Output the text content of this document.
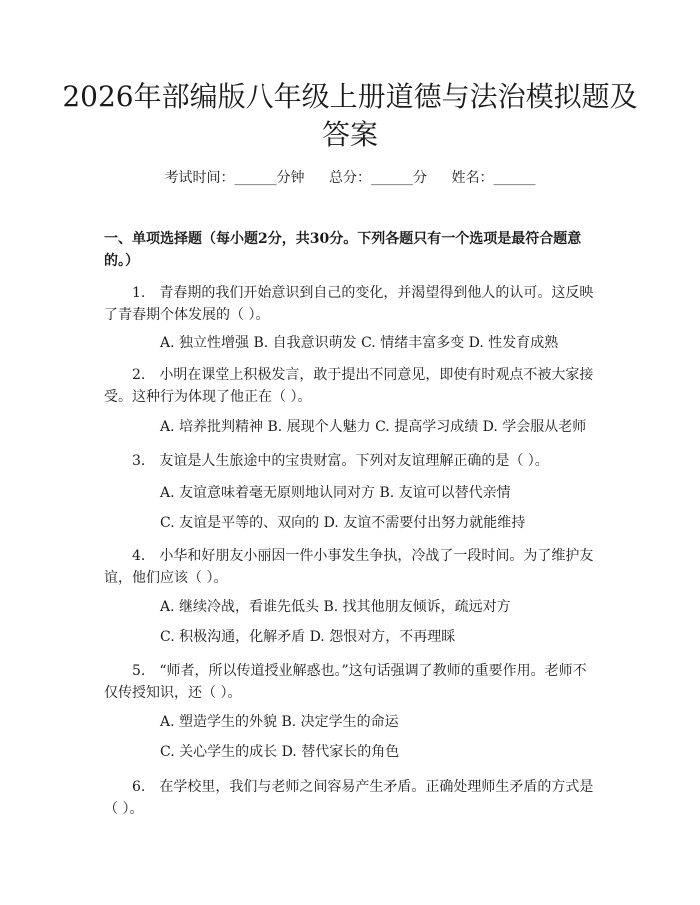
2026年部编版八年级上册道德与法治模拟题及答案
考试时间：______分钟 总分：______分 姓名：______

一、单项选择题（每小题2分，共30分。下列各题只有一个选项是最符合题意的。）

1.　青春期的我们开始意识到自己的变化，并渴望得到他人的认可。这反映了青春期个体发展的（ ）。

A. 独立性增强 B. 自我意识萌发 C. 情绪丰富多变 D. 性发育成熟

2.　小明在课堂上积极发言，敢于提出不同意见，即使有时观点不被大家接受。这种行为体现了他正在（ ）。

A. 培养批判精神 B. 展现个人魅力 C. 提高学习成绩 D. 学会服从老师

3.　友谊是人生旅途中的宝贵财富。下列对友谊理解正确的是（ ）。

A. 友谊意味着毫无原则地认同对方 B. 友谊可以替代亲情

C. 友谊是平等的、双向的 D. 友谊不需要付出努力就能维持

4.　小华和好朋友小丽因一件小事发生争执，冷战了一段时间。为了维护友谊，他们应该（ ）。

A. 继续冷战，看谁先低头 B. 找其他朋友倾诉，疏远对方

C. 积极沟通，化解矛盾 D. 怨恨对方，不再理睬

5.　“师者，所以传道授业解惑也。”这句话强调了教师的重要作用。老师不仅传授知识，还（ ）。

A. 塑造学生的外貌 B. 决定学生的命运

C. 关心学生的成长 D. 替代家长的角色

6.　在学校里，我们与老师之间容易产生矛盾。正确处理师生矛盾的方式是（ ）。
